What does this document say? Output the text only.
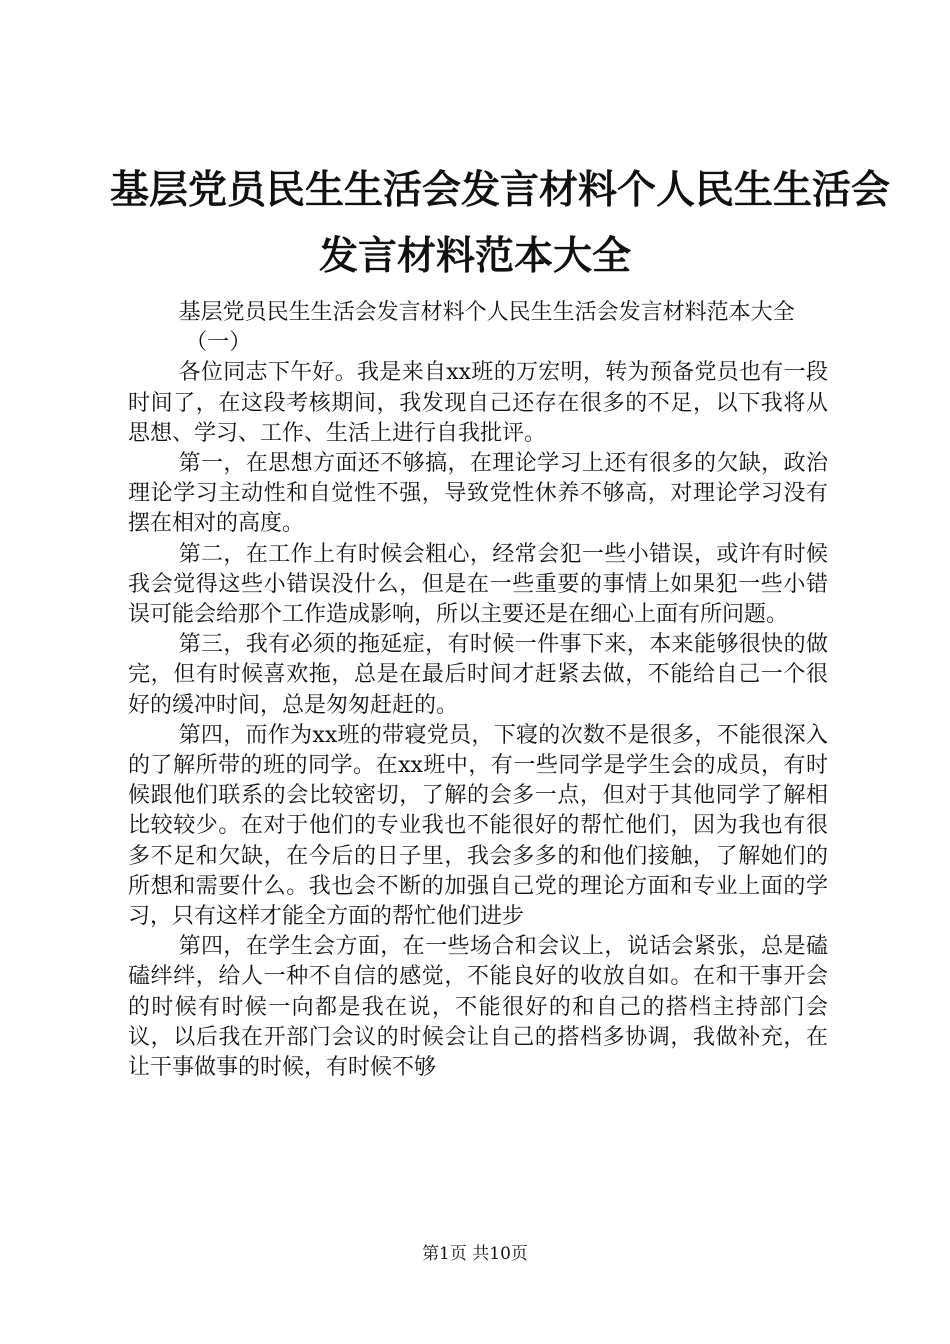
基层党员民生生活会发言材料个人民生生活会
发言材料范本大全

基层党员民生生活会发言材料个人民生生活会发言材料范本大全

（一）

各位同志下午好。我是来自xx班的万宏明，转为预备党员也有一段时间了，在这段考核期间，我发现自己还存在很多的不足，以下我将从思想、学习、工作、生活上进行自我批评。

第一，在思想方面还不够搞，在理论学习上还有很多的欠缺，政治理论学习主动性和自觉性不强，导致党性休养不够高，对理论学习没有摆在相对的高度。

第二，在工作上有时候会粗心，经常会犯一些小错误，或许有时候我会觉得这些小错误没什么，但是在一些重要的事情上如果犯一些小错误可能会给那个工作造成影响，所以主要还是在细心上面有所问题。

第三，我有必须的拖延症，有时候一件事下来，本来能够很快的做完，但有时候喜欢拖，总是在最后时间才赶紧去做，不能给自己一个很好的缓冲时间，总是匆匆赶赶的。

第四，而作为xx班的带寝党员，下寝的次数不是很多，不能很深入的了解所带的班的同学。在xx班中，有一些同学是学生会的成员，有时候跟他们联系的会比较密切，了解的会多一点，但对于其他同学了解相比较较少。在对于他们的专业我也不能很好的帮忙他们，因为我也有很多不足和欠缺，在今后的日子里，我会多多的和他们接触，了解她们的所想和需要什么。我也会不断的加强自己党的理论方面和专业上面的学习，只有这样才能全方面的帮忙他们进步

第四，在学生会方面，在一些场合和会议上，说话会紧张，总是磕磕绊绊，给人一种不自信的感觉，不能良好的收放自如。在和干事开会的时候有时候一向都是我在说，不能很好的和自己的搭档主持部门会议，以后我在开部门会议的时候会让自己的搭档多协调，我做补充，在让干事做事的时候，有时候不够

第1页 共10页
